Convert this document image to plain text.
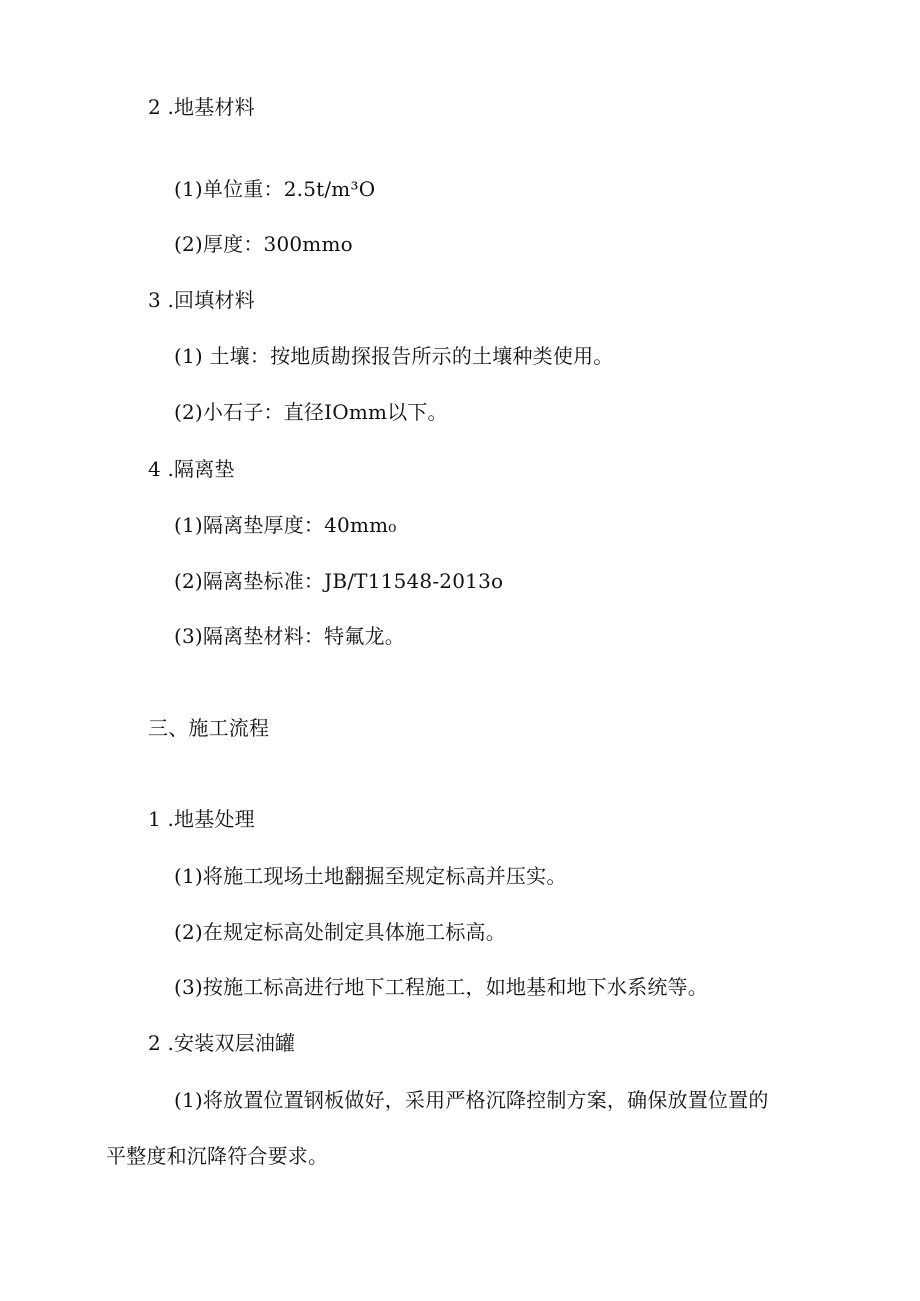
2 .地基材料
(1)单位重：2.5t∕m³O
(2)厚度：300mmo
3 .回填材料
(1) 土壤：按地质勘探报告所示的土壤种类使用。
(2)小石子：直径IOmm以下。
4 .隔离垫
(1)隔离垫厚度：40mm₀
(2)隔离垫标准：JB/T11548-2013o
(3)隔离垫材料：特氟龙。
三、施工流程
1 .地基处理
(1)将施工现场土地翻掘至规定标高并压实。
(2)在规定标高处制定具体施工标高。
(3)按施工标高进行地下工程施工，如地基和地下水系统等。
2 .安装双层油罐
(1)将放置位置钢板做好，采用严格沉降控制方案，确保放置位置的
平整度和沉降符合要求。
